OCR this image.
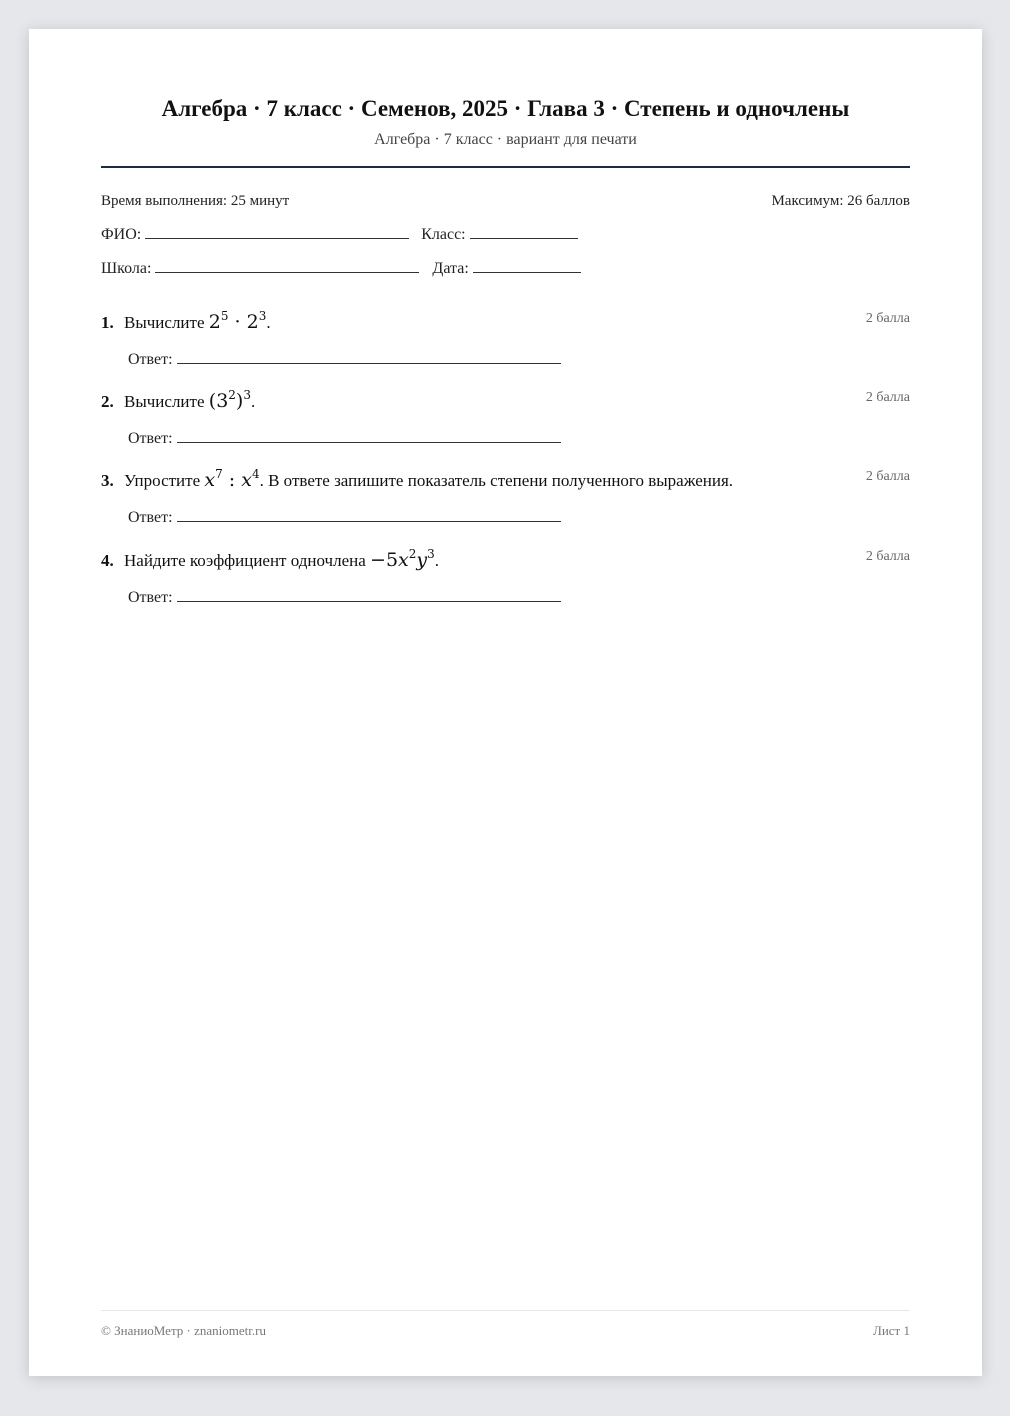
Алгебра · 7 класс · Семенов, 2025 · Глава 3 · Степень и одночлены
Алгебра · 7 класс · вариант для печати
Время выполнения: 25 минут	Максимум: 26 баллов
ФИО:	Класс:
Школа:	Дата:
1. Вычислите $2^5 \cdot 2^3$.	2 балла
Ответ:
2. Вычислите $(3^2)^3$.	2 балла
Ответ:
3. Упростите $x^7$ : $x^4$. В ответе запишите показатель степени полученного выражения.	2 балла
Ответ:
4. Найдите коэффициент одночлена $-5x^2y^3$.	2 балла
Ответ:
© ЗнаниоМетр · znaniometr.ru	Лист 1
